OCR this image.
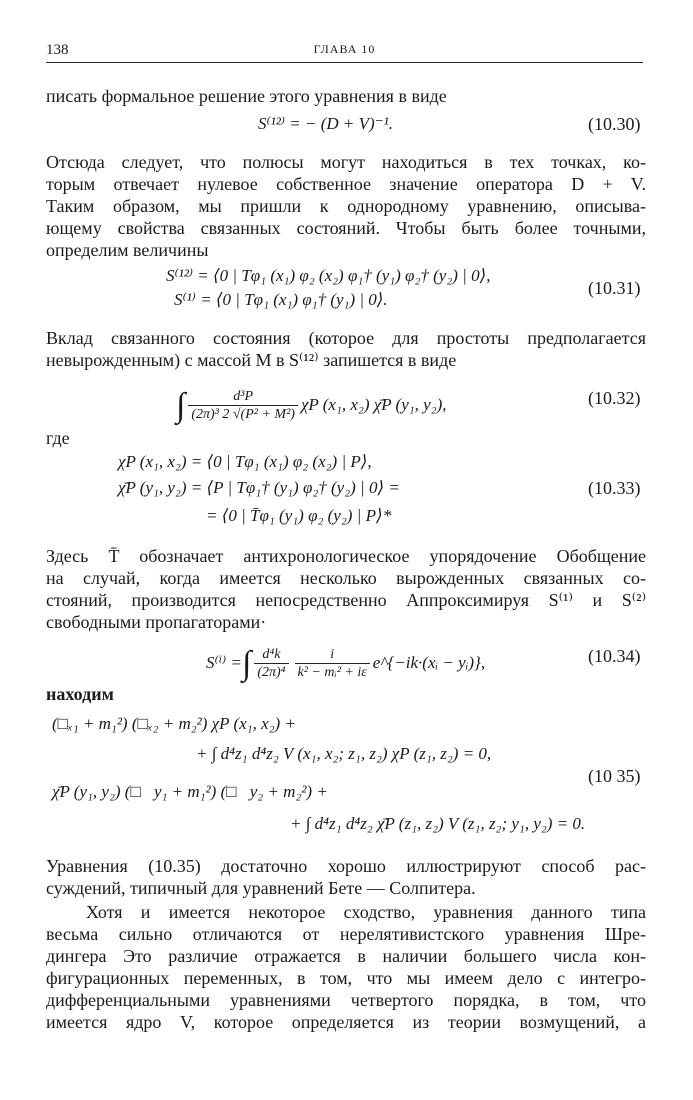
138	ГЛАВА 10
писать формальное решение этого уравнения в виде
S⁽¹²⁾ = − (D + V)⁻¹.	(10.30)
Отсюда следует, что полюсы могут находиться в тех точках, ко-
торым отвечает нулевое собственное значение оператора D + V.
Таким образом, мы пришли к однородному уравнению, описыва-
ющему свойства связанных состояний. Чтобы быть более точными,
определим величины
S⁽¹²⁾ = ⟨0 | Tφ₁ (x₁) φ₂ (x₂) φ₁† (y₁) φ₂† (y₂) | 0⟩,
S⁽¹⁾ = ⟨0 | Tφ₁ (x₁) φ₁† (y₁) | 0⟩.
(10.31)
Вклад связанного состояния (которое для простоты предполагается
невырожденным) с массой M в S⁽¹²⁾ запишется в виде
∫ $\frac{\text{d³P}}{\text{(2π)³ 2 √(P² + M²)}}$ χP (x₁, x₂) χ̄P (y₁, y₂),	(10.32)
где
χP (x₁, x₂) = ⟨0 | Tφ₁ (x₁) φ₂ (x₂) | P⟩,
χ̄P (y₁, y₂) = ⟨P | Tφ₁† (y₁) φ₂† (y₂) | 0⟩ =
= ⟨0 | T̄φ₁ (y₁) φ₂ (y₂) | P⟩*
(10.33)
Здесь T̄ обозначает антихронологическое упорядочение Обобщение
на случай, когда имеется несколько вырожденных связанных со-
стояний, производится непосредственно Аппроксимируя S⁽¹⁾ и S⁽²⁾
свободными пропагаторами·
S⁽ⁱ⁾ =∫ $\frac{\text{d⁴k}}{\text{(2π)⁴}} \frac{i}{\text{k² − mᵢ² + iε}}$ e^{−ik·(xᵢ − yᵢ)},	(10.34)
находим
(□ₓ₁ + m₁²) (□ₓ₂ + m₂²) χP (x₁, x₂) +
+ ∫ d⁴z₁ d⁴z₂ V (x₁, x₂; z₁, z₂) χP (z₁, z₂) = 0,
χ̄P (y₁, y₂) (□⃖y₁ + m₁²) (□⃖y₂ + m₂²) +
+ ∫ d⁴z₁ d⁴z₂ χ̄P (z₁, z₂) V (z₁, z₂; y₁, y₂) = 0.
(10 35)
Уравнения (10.35) достаточно хорошо иллюстрируют способ рас-
суждений, типичный для уравнений Бете — Солпитера.
Хотя и имеется некоторое сходство, уравнения данного типа
весьма сильно отличаются от нерелятивистского уравнения Шре-
дингера Это различие отражается в наличии большего числа кон-
фигурационных переменных, в том, что мы имеем дело с интегро-
дифференциальными уравнениями четвертого порядка, в том, что
имеется ядро V, которое определяется из теории возмущений, а
